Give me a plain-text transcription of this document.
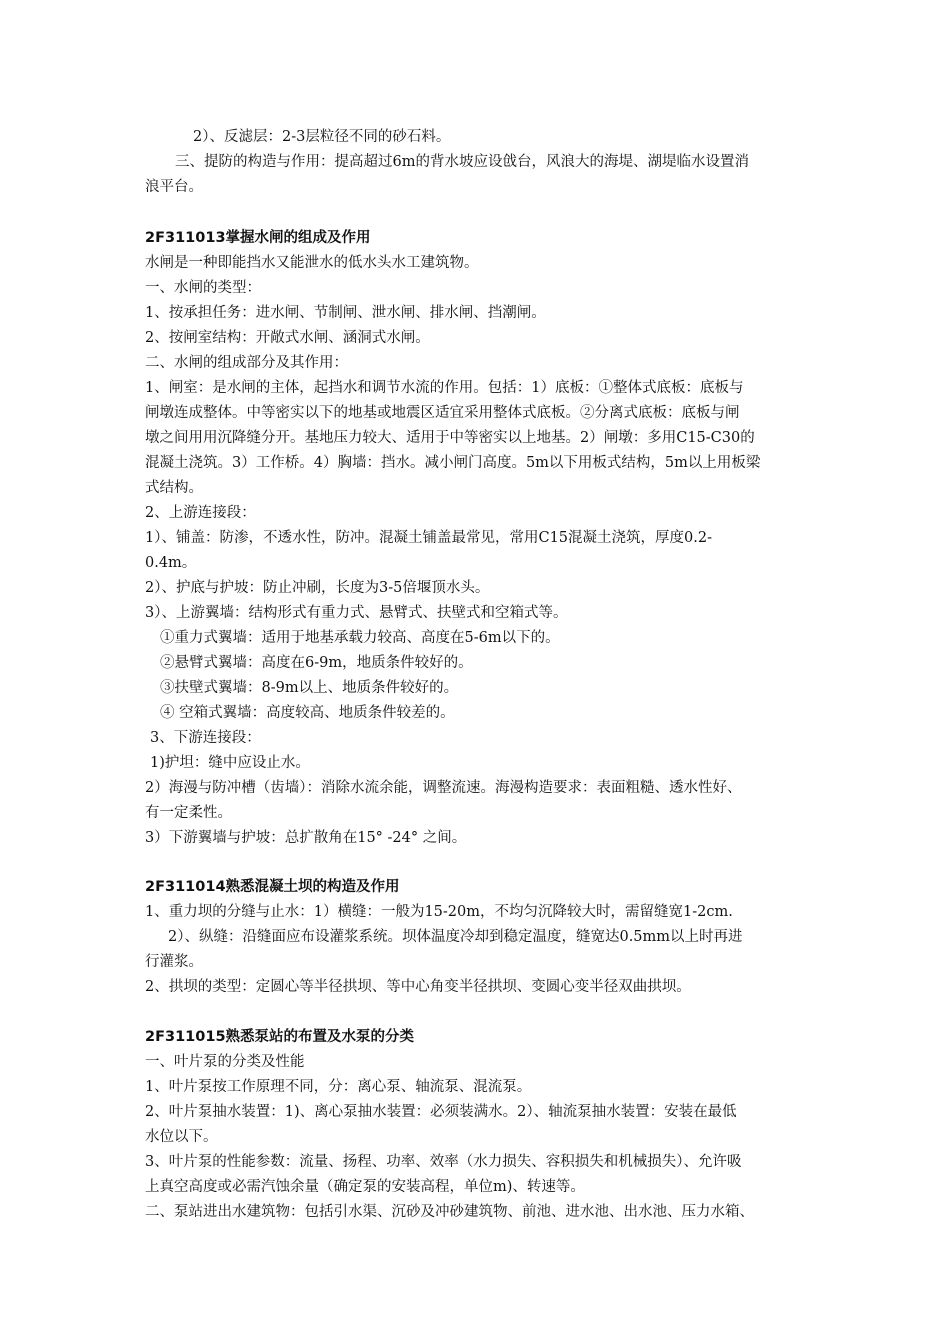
2）、反滤层：2-3层粒径不同的砂石料。
三、提防的构造与作用：提高超过6m的背水坡应设戗台，风浪大的海堤、湖堤临水设置消
浪平台。
2F311013掌握水闸的组成及作用
水闸是一种即能挡水又能泄水的低水头水工建筑物。
一、水闸的类型：
1、按承担任务：进水闸、节制闸、泄水闸、排水闸、挡潮闸。
2、按闸室结构：开敞式水闸、涵洞式水闸。
二、水闸的组成部分及其作用：
1、闸室：是水闸的主体，起挡水和调节水流的作用。包括：1）底板：①整体式底板：底板与
闸墩连成整体。中等密实以下的地基或地震区适宜采用整体式底板。②分离式底板：底板与闸
墩之间用用沉降缝分开。基地压力较大、适用于中等密实以上地基。2）闸墩：多用C15-C30的
混凝土浇筑。3）工作桥。4）胸墙：挡水。减小闸门高度。5m以下用板式结构，5m以上用板梁
式结构。
2、上游连接段：
1）、铺盖：防渗，不透水性，防冲。混凝土铺盖最常见，常用C15混凝土浇筑，厚度0.2-
0.4m。
2）、护底与护坡：防止冲刷，长度为3-5倍堰顶水头。
3）、上游翼墙：结构形式有重力式、悬臂式、扶壁式和空箱式等。
①重力式翼墙：适用于地基承载力较高、高度在5-6m以下的。
②悬臂式翼墙：高度在6-9m，地质条件较好的。
③扶壁式翼墙：8-9m以上、地质条件较好的。
④ 空箱式翼墙：高度较高、地质条件较差的。
3、下游连接段：
1)护坦：缝中应设止水。
2）海漫与防冲槽（齿墙）：消除水流余能，调整流速。海漫构造要求：表面粗糙、透水性好、
有一定柔性。
3）下游翼墙与护坡：总扩散角在15° -24° 之间。
2F311014熟悉混凝土坝的构造及作用
1、重力坝的分缝与止水：1）横缝：一般为15-20m，不均匀沉降较大时，需留缝宽1-2cm.
2）、纵缝：沿缝面应布设灌浆系统。坝体温度冷却到稳定温度，缝宽达0.5mm以上时再进
行灌浆。
2、拱坝的类型：定圆心等半径拱坝、等中心角变半径拱坝、变圆心变半径双曲拱坝。
2F311015熟悉泵站的布置及水泵的分类
一、叶片泵的分类及性能
1、叶片泵按工作原理不同，分：离心泵、轴流泵、混流泵。
2、叶片泵抽水装置：1)、离心泵抽水装置：必须装满水。2）、轴流泵抽水装置：安装在最低
水位以下。
3、叶片泵的性能参数：流量、扬程、功率、效率（水力损失、容积损失和机械损失）、允许吸
上真空高度或必需汽蚀余量（确定泵的安装高程，单位m)、转速等。
二、泵站进出水建筑物：包括引水渠、沉砂及冲砂建筑物、前池、进水池、出水池、压力水箱、
